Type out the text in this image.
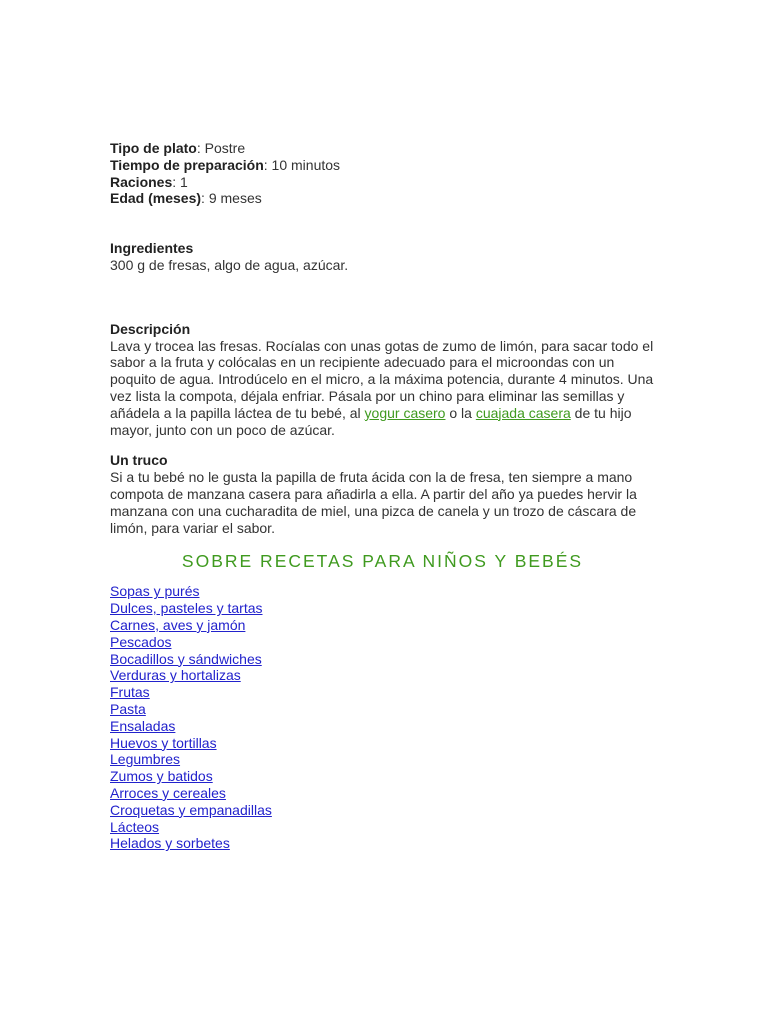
Tipo de plato: Postre

Tiempo de preparación: 10 minutos

Raciones: 1

Edad (meses): 9 meses

Ingredientes
300 g de fresas, algo de agua, azúcar.
Descripción
Lava y trocea las fresas. Rocíalas con unas gotas de zumo de limón, para sacar todo el sabor a la fruta y colócalas en un recipiente adecuado para el microondas con un poquito de agua. Introdúcelo en el micro, a la máxima potencia, durante 4 minutos. Una vez lista la compota, déjala enfriar. Pásala por un chino para eliminar las semillas y añádela a la papilla láctea de tu bebé, al yogur casero o la cuajada casera de tu hijo mayor, junto con un poco de azúcar.
Un truco
Si a tu bebé no le gusta la papilla de fruta ácida con la de fresa, ten siempre a mano compota de manzana casera para añadirla a ella. A partir del año ya puedes hervir la manzana con una cucharadita de miel, una pizca de canela y un trozo de cáscara de limón, para variar el sabor.
SOBRE RECETAS PARA NIÑOS Y BEBÉS
Sopas y purés
Dulces, pasteles y tartas
Carnes, aves y jamón
Pescados
Bocadillos y sándwiches
Verduras y hortalizas
Frutas
Pasta
Ensaladas
Huevos y tortillas
Legumbres
Zumos y batidos
Arroces y cereales
Croquetas y empanadillas
Lácteos
Helados y sorbetes
